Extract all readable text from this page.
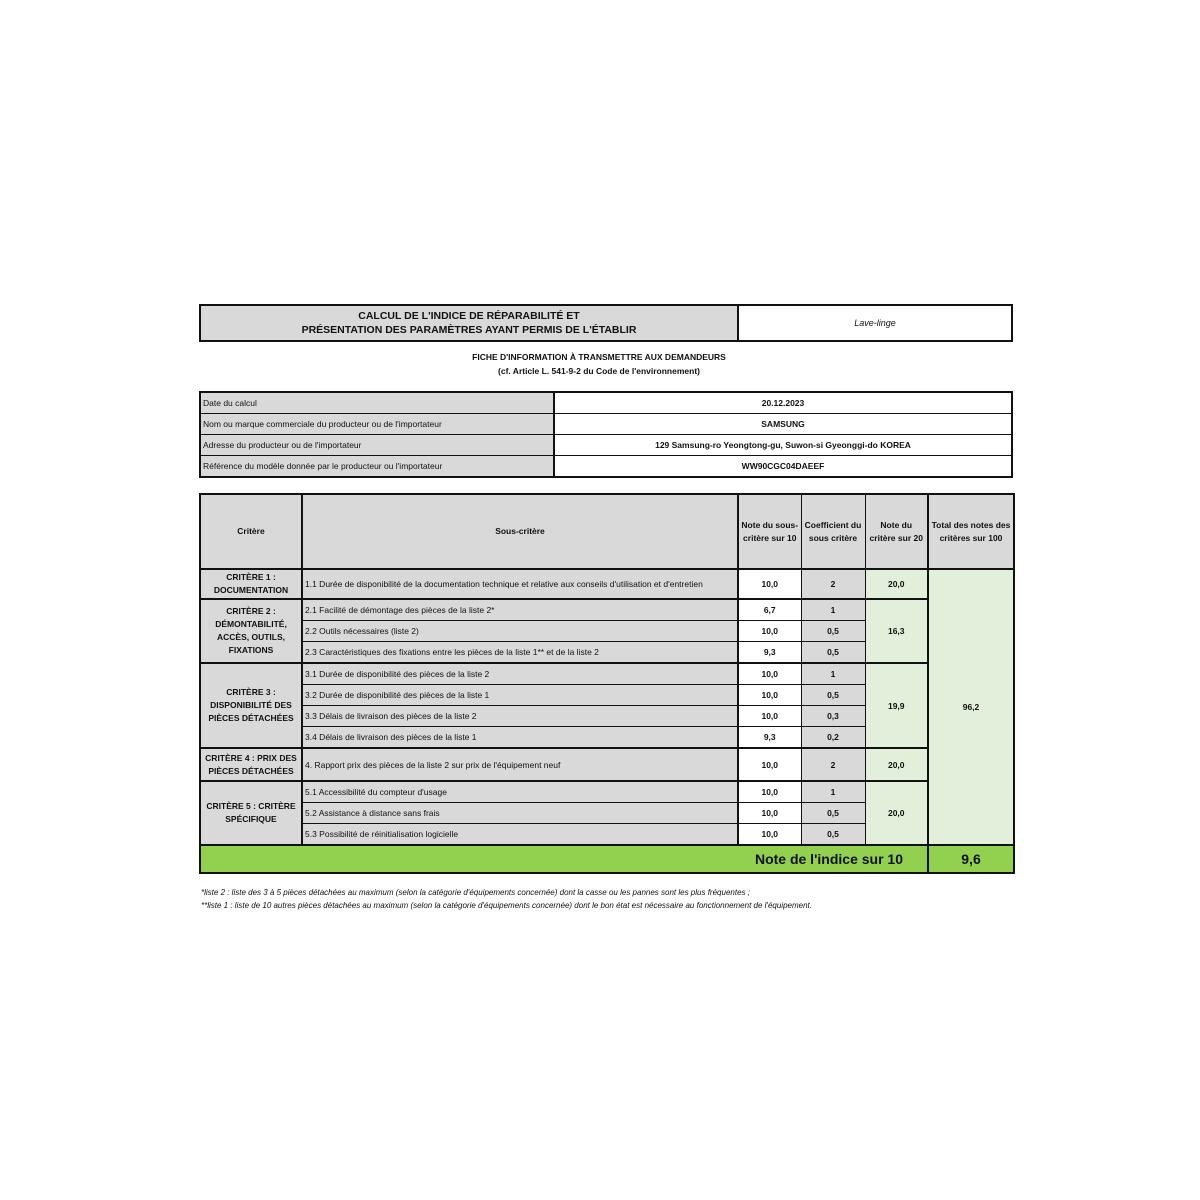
CALCUL DE L'INDICE DE RÉPARABILITÉ ET
PRÉSENTATION DES PARAMÈTRES AYANT PERMIS DE L'ÉTABLIR
Lave-linge
FICHE D'INFORMATION À TRANSMETTRE AUX DEMANDEURS
(cf. Article L. 541-9-2 du Code de l'environnement)
Date du calcul	20.12.2023
Nom ou marque commerciale du producteur ou de l'importateur	SAMSUNG
Adresse du producteur ou de l'importateur	129 Samsung-ro Yeongtong-gu, Suwon-si Gyeonggi-do KOREA
Référence du modèle donnée par le producteur ou l'importateur	WW90CGC04DAEEF
Critère	Sous-critère	Note du sous-critère sur 10	Coefficient du sous critère	Note du critère sur 20	Total des notes des critères sur 100
CRITÈRE 1 : DOCUMENTATION	1.1 Durée de disponibilité de la documentation technique et relative aux conseils d'utilisation et d'entretien	10,0	2	20,0	96,2
CRITÈRE 2 : DÉMONTABILITÉ, ACCÈS, OUTILS, FIXATIONS	2.1 Facilité de démontage des pièces de la liste 2*	6,7	1	16,3	
	2.2 Outils nécessaires (liste 2)	10,0	0,5		
	2.3 Caractéristiques des fixations entre les pièces de la liste 1** et de la liste 2	9,3	0,5		
CRITÈRE 3 : DISPONIBILITÉ DES PIÈCES DÉTACHÉES	3.1 Durée de disponibilité des pièces de la liste 2	10,0	1	19,9	
	3.2 Durée de disponibilité des pièces de la liste 1	10,0	0,5		
	3.3 Délais de livraison des pièces de la liste 2	10,0	0,3		
	3.4 Délais de livraison des pièces de la liste 1	9,3	0,2		
CRITÈRE 4 : PRIX DES PIÈCES DÉTACHÉES	4. Rapport prix des pièces de la liste 2 sur prix de l'équipement neuf	10,0	2	20,0	
CRITÈRE 5 : CRITÈRE SPÉCIFIQUE	5.1 Accessibilité du compteur d'usage	10,0	1	20,0	
	5.2 Assistance à distance sans frais	10,0	0,5		
	5.3 Possibilité de réinitialisation logicielle	10,0	0,5		
Note de l'indice sur 10					9,6
*liste 2 : liste des 3 à 5 pièces détachées au maximum (selon la catégorie d'équipements concernée) dont la casse ou les pannes sont les plus fréquentes ;
**liste 1 : liste de 10 autres pièces détachées au maximum (selon la catégorie d'équipements concernée) dont le bon état est nécessaire au fonctionnement de l'équipement.
